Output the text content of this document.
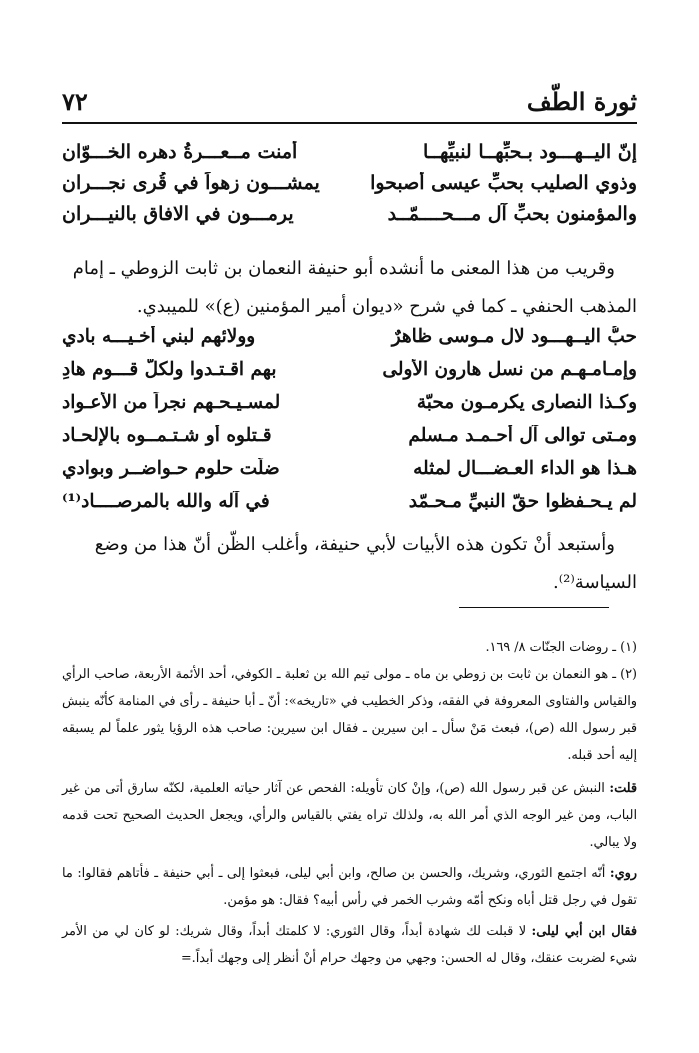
ثورة الطّف
٧٢
إنّ اليــهـــود بـحبِّهــا لنبيِّهــا
أمنت مــعـــرةُ دهره الخـــوّان
وذوي الصليب بحبِّ عيسى أصبحوا
يمشـــون زهواً في قُرى نجـــران
والمؤمنون بحبِّ آل مـــحــــمّــد
يرمـــون في الافاق بالنيـــران
وقريب من هذا المعنى ما أنشده أبو حنيفة النعمان بن ثابت الزوطي ـ إمام
المذهب الحنفي ـ كما في شرح «ديوان أمير المؤمنين (ع)» للميبدي.
حبُّ اليــهـــود لال مـوسى ظاهرٌ
وولائهم لبني أخـيـــه بادي
وإمـامـهـم من نسل هارون الأولى
بهم اقـتـدوا ولكلّ قـــوم هادِ
وكـذا النصارى يكرمـون محبّة
لمسـيـحـهم نجراً من الأعـواد
ومـتى توالى آل أحـمـد مـسلم
قـتلوه أو شـتـمــوه بالإلحـاد
هـذا هو الداء العـضـــال لمثله
ضلّت حلوم حـواضــر وبوادي
لم يـحـفظوا حقّ النبيِّ مـحـمّد
في آله والله بالمرصــــاد⁽¹⁾
وأستبعد أنْ تكون هذه الأبيات لأبي حنيفة، وأغلب الظّن أنّ هذا من وضع
السياسة⁽²⁾.

(١) ـ روضات الجنّات ٨/ ١٦٩.

(٢) ـ هو النعمان بن ثابت بن زوطي بن ماه ـ مولى تيم الله بن ثعلبة ـ الكوفي، أحد الأئمة الأربعة، صاحب الرأي والقياس والفتاوى المعروفة في الفقه، وذكر الخطيب في «تاريخه»: أنّ ـ أبا حنيفة ـ رأى في المنامة كأنّه ينبش قبر رسول الله (ص)، فبعث مَنْ سأل ـ ابن سيرين ـ فقال ابن سيرين: صاحب هذه الرؤيا يثور علماً لم يسبقه إليه أحد قبله.

قلت: النبش عن قبر رسول الله (ص)، وإنْ كان تأويله: الفحص عن آثار حياته العلمية، لكنّه سارق أتى من غير الباب، ومن غير الوجه الذي أمر الله به، ولذلك تراه يفتي بالقياس والرأي، ويجعل الحديث الصحيح تحت قدمه ولا يبالي.

روي: أنّه اجتمع الثوري، وشريك، والحسن بن صالح، وابن أبي ليلى، فبعثوا إلى ـ أبي حنيفة ـ فأتاهم فقالوا: ما تقول في رجل قتل أباه ونكح أمّه وشرب الخمر في رأس أبيه؟ فقال: هو مؤمن.

فقال ابن أبي ليلى: لا قبلت لك شهادة أبداً، وقال الثوري: لا كلمتك أبداً، وقال شريك: لو كان لي من الأمر شيء لضربت عنقك، وقال له الحسن: وجهي من وجهك حرام أنْ أنظر إلى وجهك أبداً.=
